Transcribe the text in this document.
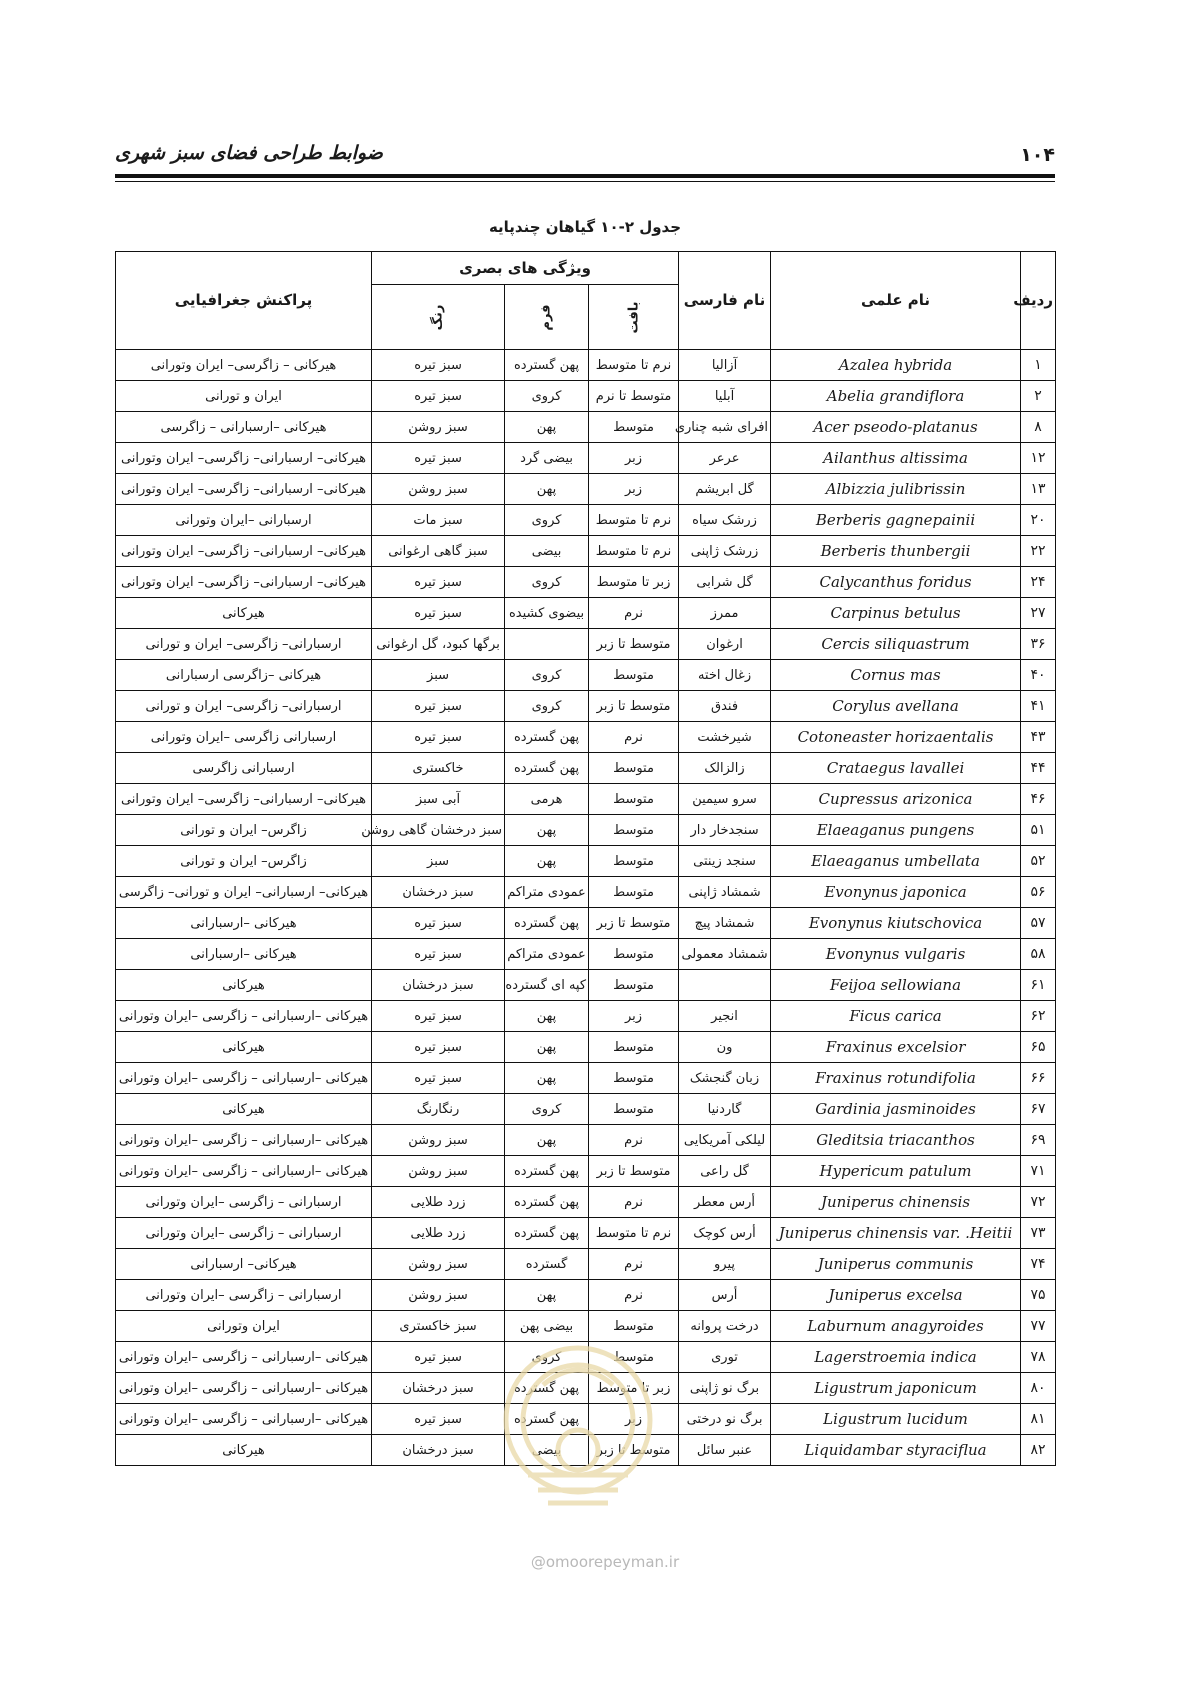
ضوابط طراحی فضای سبز شهری	۱۰۴
جدول ۲-۱۰ گیاهان چندپایه
ردیف	نام علمی	نام فارسی	ویژگی های بصری			پراکنش جغرافیایی
			بافت	فرم	رنگ	
۱	Azalea hybrida	آزالیا	نرم تا متوسط	پهن گسترده	سبز تیره	هیرکانی – زاگرسی– ایران وتورانی
۲	Abelia grandiflora	آبلیا	متوسط تا نرم	کروی	سبز تیره	ایران و تورانی
۸	Acer pseodo-platanus	افرای شبه چناری	متوسط	پهن	سبز روشن	هیرکانی –ارسبارانی – زاگرسی
۱۲	Ailanthus altissima	عرعر	زبر	بیضی گرد	سبز تیره	هیرکانی– ارسبارانی– زاگرسی– ایران وتورانی
۱۳	Albizzia julibrissin	گل ابریشم	زبر	پهن	سبز روشن	هیرکانی– ارسبارانی– زاگرسی– ایران وتورانی
۲۰	Berberis gagnepainii	زرشک سیاه	نرم تا متوسط	کروی	سبز مات	ارسبارانی –ایران وتورانی
۲۲	Berberis thunbergii	زرشک ژاپنی	نرم تا متوسط	بیضی	سبز گاهی ارغوانی	هیرکانی– ارسبارانی– زاگرسی– ایران وتورانی
۲۴	Calycanthus foridus	گل شرابی	زبر تا متوسط	کروی	سبز تیره	هیرکانی– ارسبارانی– زاگرسی– ایران وتورانی
۲۷	Carpinus betulus	ممرز	نرم	بیضوی کشیده	سبز تیره	هیرکانی
۳۶	Cercis siliquastrum	ارغوان	متوسط تا زبر		برگها کبود، گل ارغوانی	ارسبارانی– زاگرسی– ایران و تورانی
۴۰	Cornus mas	زغال اخته	متوسط	کروی	سبز	هیرکانی –زاگرسی ارسبارانی
۴۱	Corylus avellana	فندق	متوسط تا زبر	کروی	سبز تیره	ارسبارانی– زاگرسی– ایران و تورانی
۴۳	Cotoneaster horizaentalis	شیرخشت	نرم	پهن گسترده	سبز تیره	ارسبارانی زاگرسی –ایران وتورانی
۴۴	Crataegus lavallei	زالزالک	متوسط	پهن گسترده	خاکستری	ارسبارانی زاگرسی
۴۶	Cupressus arizonica	سرو سیمین	متوسط	هرمی	آبی سبز	هیرکانی– ارسبارانی– زاگرسی– ایران وتورانی
۵۱	Elaeaganus pungens	سنجدخار دار	متوسط	پهن	سبز درخشان گاهی روشن	زاگرس– ایران و تورانی
۵۲	Elaeaganus umbellata	سنجد زینتی	متوسط	پهن	سبز	زاگرس– ایران و تورانی
۵۶	Evonynus japonica	شمشاد ژاپنی	متوسط	عمودی متراکم	سبز درخشان	هیرکانی– ارسبارانی– ایران و تورانی– زاگرسی
۵۷	Evonynus kiutschovica	شمشاد پیچ	متوسط تا زبر	پهن گسترده	سبز تیره	هیرکانی –ارسبارانی
۵۸	Evonynus vulgaris	شمشاد معمولی	متوسط	عمودی متراکم	سبز تیره	هیرکانی –ارسبارانی
۶۱	Feijoa sellowiana		متوسط	کپه ای گسترده	سبز درخشان	هیرکانی
۶۲	Ficus carica	انجیر	زبر	پهن	سبز تیره	هیرکانی –ارسبارانی – زاگرسی –ایران وتورانی
۶۵	Fraxinus excelsior	ون	متوسط	پهن	سبز تیره	هیرکانی
۶۶	Fraxinus rotundifolia	زبان گنجشک	متوسط	پهن	سبز تیره	هیرکانی –ارسبارانی – زاگرسی –ایران وتورانی
۶۷	Gardinia jasminoides	گاردنیا	متوسط	کروی	رنگارنگ	هیرکانی
۶۹	Gleditsia triacanthos	لیلکی آمریکایی	نرم	پهن	سبز روشن	هیرکانی –ارسبارانی – زاگرسی –ایران وتورانی
۷۱	Hypericum patulum	گل راعی	متوسط تا زبر	پهن گسترده	سبز روشن	هیرکانی –ارسبارانی – زاگرسی –ایران وتورانی
۷۲	Juniperus chinensis	أرس معطر	نرم	پهن گسترده	زرد طلایی	ارسبارانی – زاگرسی –ایران وتورانی
۷۳	Juniperus chinensis var. .Heitii	أرس کوچک	نرم تا متوسط	پهن گسترده	زرد طلایی	ارسبارانی – زاگرسی –ایران وتورانی
۷۴	Juniperus communis	پیرو	نرم	گسترده	سبز روشن	هیرکانی– ارسبارانی
۷۵	Juniperus excelsa	أرس	نرم	پهن	سبز روشن	ارسبارانی – زاگرسی –ایران وتورانی
۷۷	Laburnum anagyroides	درخت پروانه	متوسط	بیضی پهن	سبز خاکستری	ایران وتورانی
۷۸	Lagerstroemia indica	توری	متوسط	کروی	سبز تیره	هیرکانی –ارسبارانی – زاگرسی –ایران وتورانی
۸۰	Ligustrum japonicum	برگ نو ژاپنی	زبر تا متوسط	پهن گسترده	سبز درخشان	هیرکانی –ارسبارانی – زاگرسی –ایران وتورانی
۸۱	Ligustrum lucidum	برگ نو درختی	زبر	پهن گسترده	سبز تیره	هیرکانی –ارسبارانی – زاگرسی –ایران وتورانی
۸۲	Liquidambar styraciflua	عنبر سائل	متوسط تا زبر	بیضی	سبز درخشان	هیرکانی
@omoorepeyman.ir
